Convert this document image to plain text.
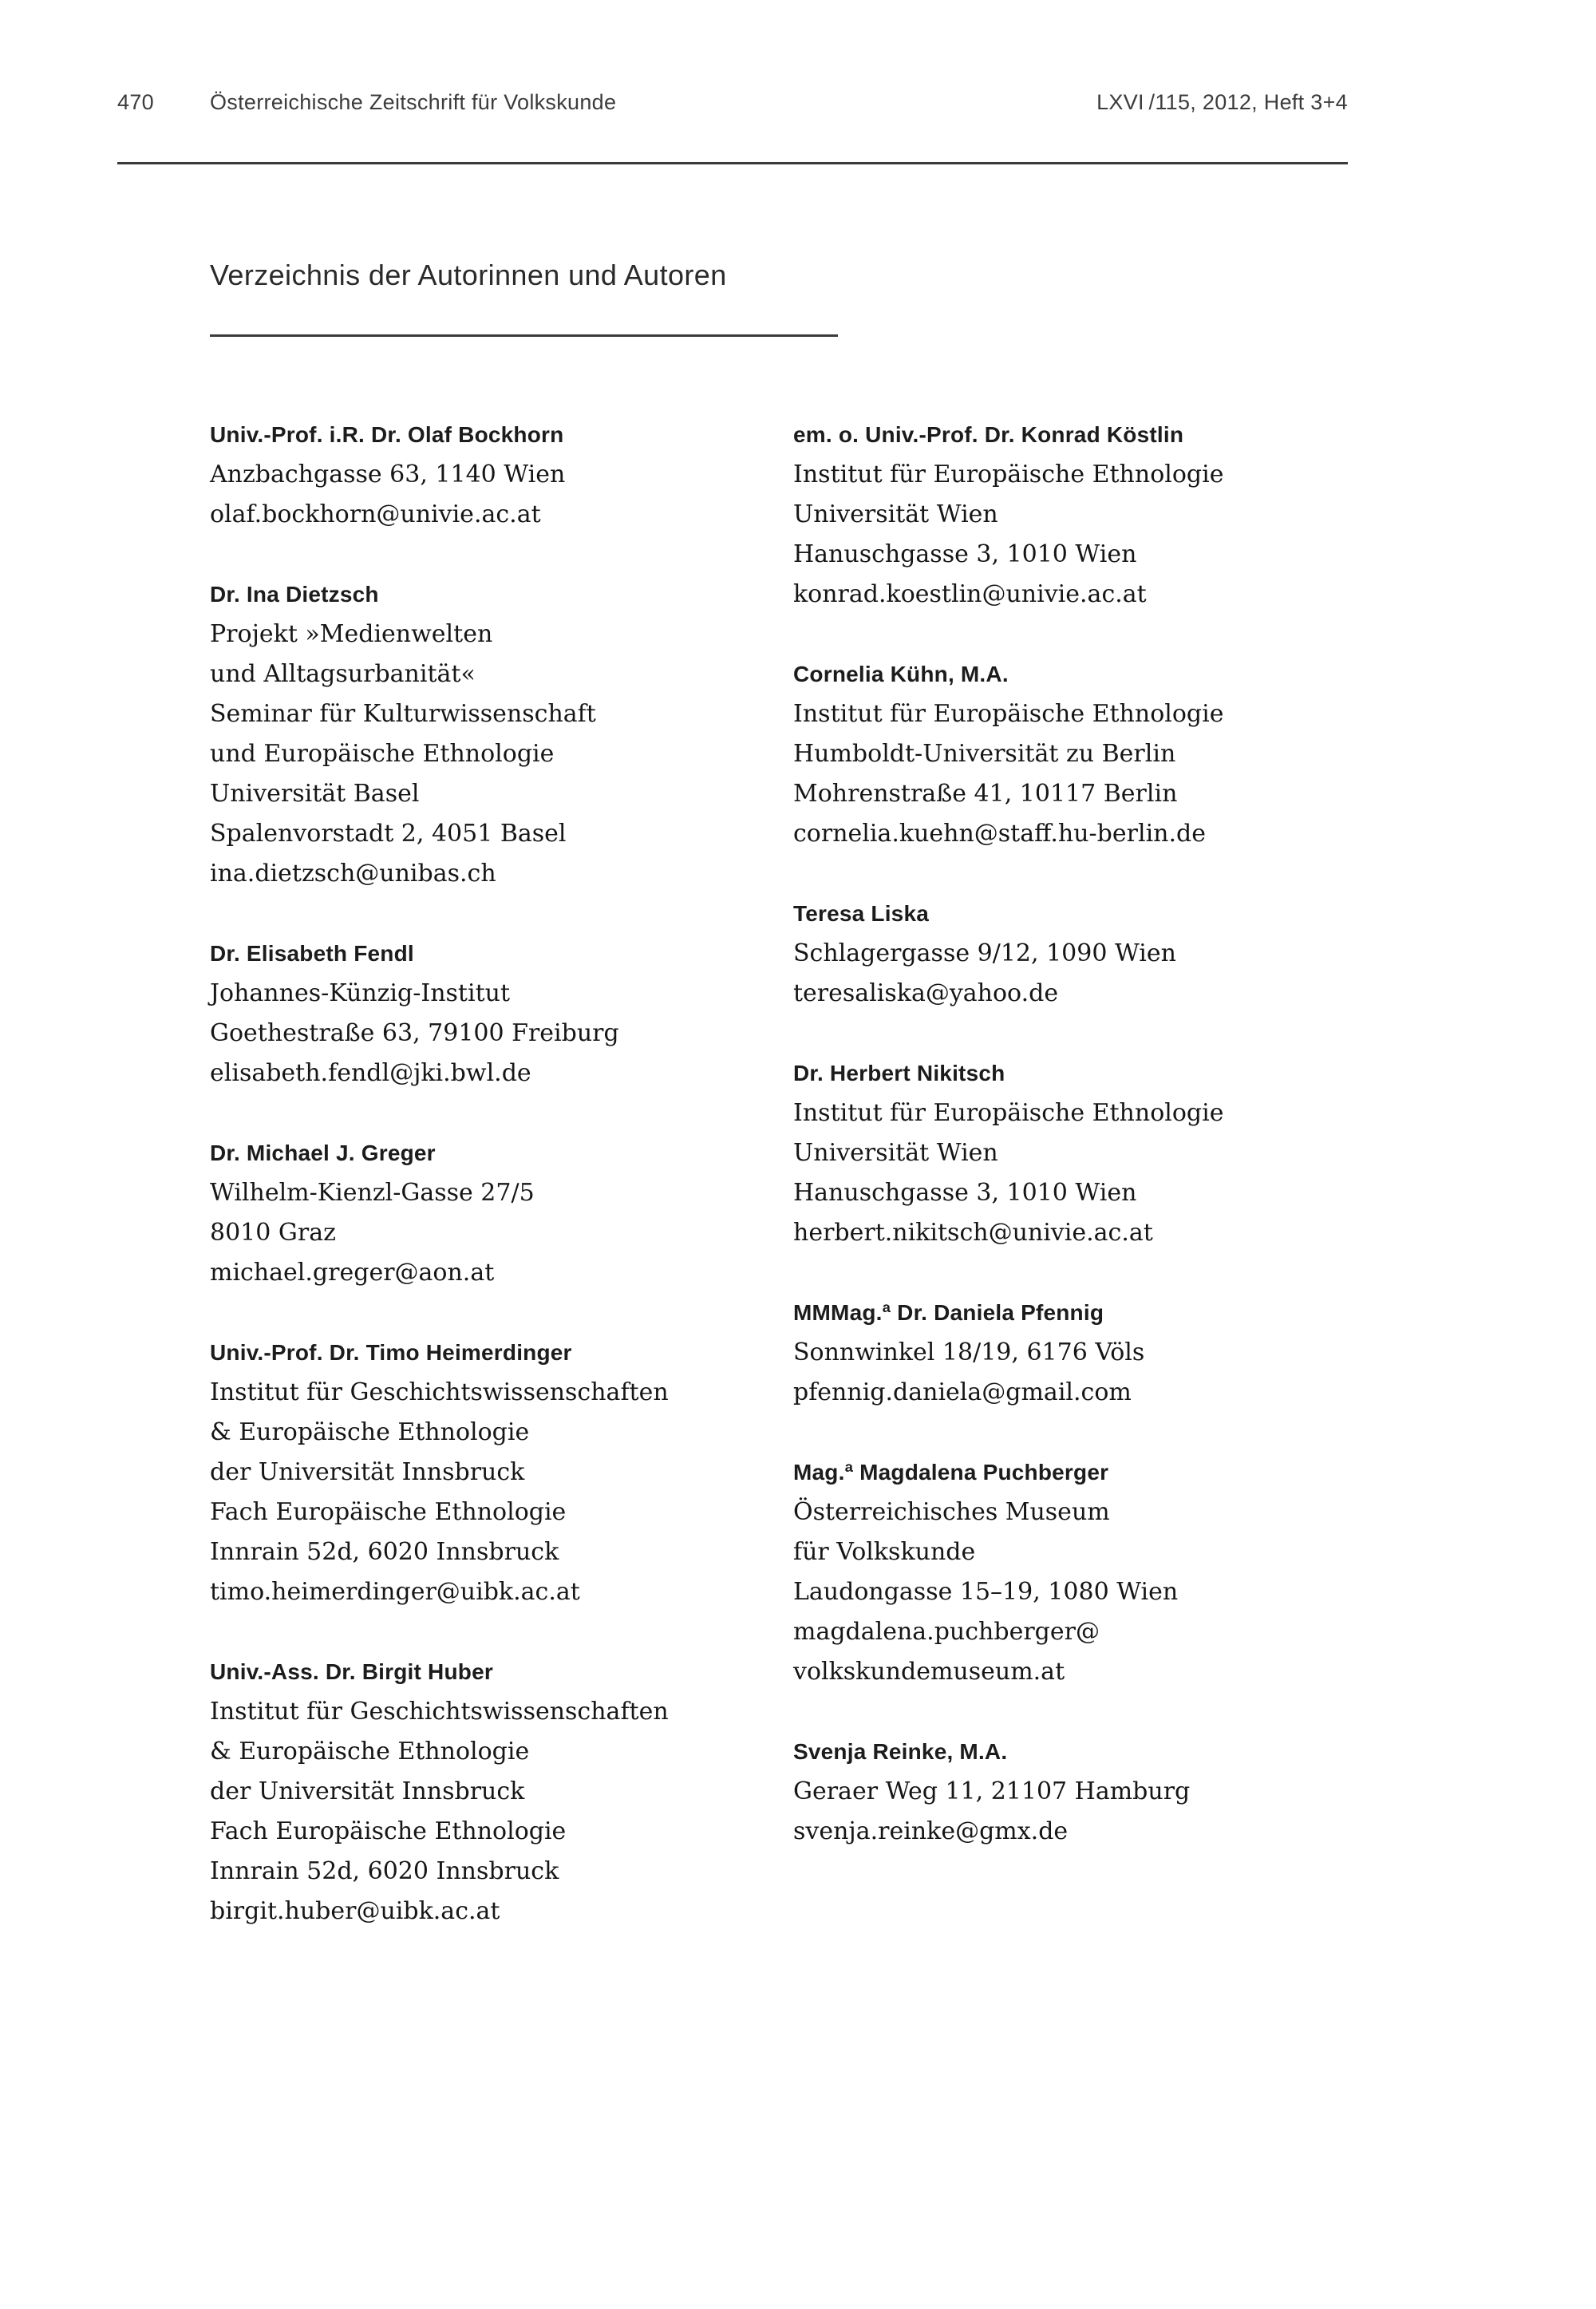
470	Österreichische Zeitschrift für Volkskunde	LXVI /115, 2012, Heft 3+4
Verzeichnis der Autorinnen und Autoren
Univ.-Prof. i.R. Dr. Olaf Bockhorn
Anzbachgasse 63, 1140 Wien
olaf.bockhorn@univie.ac.at
Dr. Ina Dietzsch
Projekt »Medienwelten
und Alltagsurbanität«
Seminar für Kulturwissenschaft
und Europäische Ethnologie
Universität Basel
Spalenvorstadt 2, 4051 Basel
ina.dietzsch@unibas.ch
Dr. Elisabeth Fendl
Johannes-Künzig-Institut
Goethestraße 63, 79100 Freiburg
elisabeth.fendl@jki.bwl.de
Dr. Michael J. Greger
Wilhelm-Kienzl-Gasse 27/5
8010 Graz
michael.greger@aon.at
Univ.-Prof. Dr. Timo Heimerdinger
Institut für Geschichtswissenschaften
& Europäische Ethnologie
der Universität Innsbruck
Fach Europäische Ethnologie
Innrain 52d, 6020 Innsbruck
timo.heimerdinger@uibk.ac.at
Univ.-Ass. Dr. Birgit Huber
Institut für Geschichtswissenschaften
& Europäische Ethnologie
der Universität Innsbruck
Fach Europäische Ethnologie
Innrain 52d, 6020 Innsbruck
birgit.huber@uibk.ac.at
em. o. Univ.-Prof. Dr. Konrad Köstlin
Institut für Europäische Ethnologie
Universität Wien
Hanuschgasse 3, 1010 Wien
konrad.koestlin@univie.ac.at
Cornelia Kühn, M.A.
Institut für Europäische Ethnologie
Humboldt-Universität zu Berlin
Mohrenstraße 41, 10117 Berlin
cornelia.kuehn@staff.hu-berlin.de
Teresa Liska
Schlagergasse 9/12, 1090 Wien
teresaliska@yahoo.de
Dr. Herbert Nikitsch
Institut für Europäische Ethnologie
Universität Wien
Hanuschgasse 3, 1010 Wien
herbert.nikitsch@univie.ac.at
MMMag.ª Dr. Daniela Pfennig
Sonnwinkel 18/19, 6176 Völs
pfennig.daniela@gmail.com
Mag.ª Magdalena Puchberger
Österreichisches Museum
für Volkskunde
Laudongasse 15–19, 1080 Wien
magdalena.puchberger@
volkskundemuseum.at
Svenja Reinke, M.A.
Geraer Weg 11, 21107 Hamburg
svenja.reinke@gmx.de
